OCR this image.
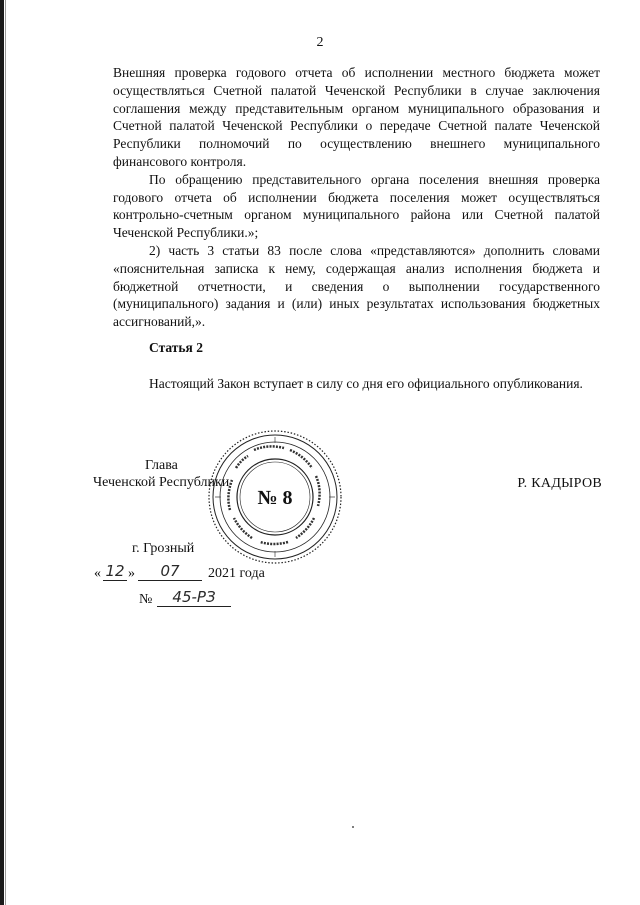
2

Внешняя проверка годового отчета об исполнении местного бюджета может осуществляться Счетной палатой Чеченской Республики в случае заключения соглашения между представительным органом муниципального образования и Счетной палатой Чеченской Республики о передаче Счетной палате Чеченской Республики полномочий по осуществлению внешнего муниципального финансового контроля.

По обращению представительного органа поселения внешняя проверка годового отчета об исполнении бюджета поселения может осуществляться контрольно-счетным органом муниципального района или Счетной палатой Чеченской Республики.»;

2) часть 3 статьи 83 после слова «представляются» дополнить словами «пояснительная записка к нему, содержащая анализ исполнения бюджета и бюджетной отчетности, и сведения о выполнении государственного (муниципального) задания и (или) иных результатах использования бюджетных ассигнований,».

Статья 2

Настоящий Закон вступает в силу со дня его официального опубликования.

№ 8
Глава
Чеченской Республики	Р. КАДЫРОВ
г. Грозный
« 12 »	07	2021 года
№	45-РЗ
